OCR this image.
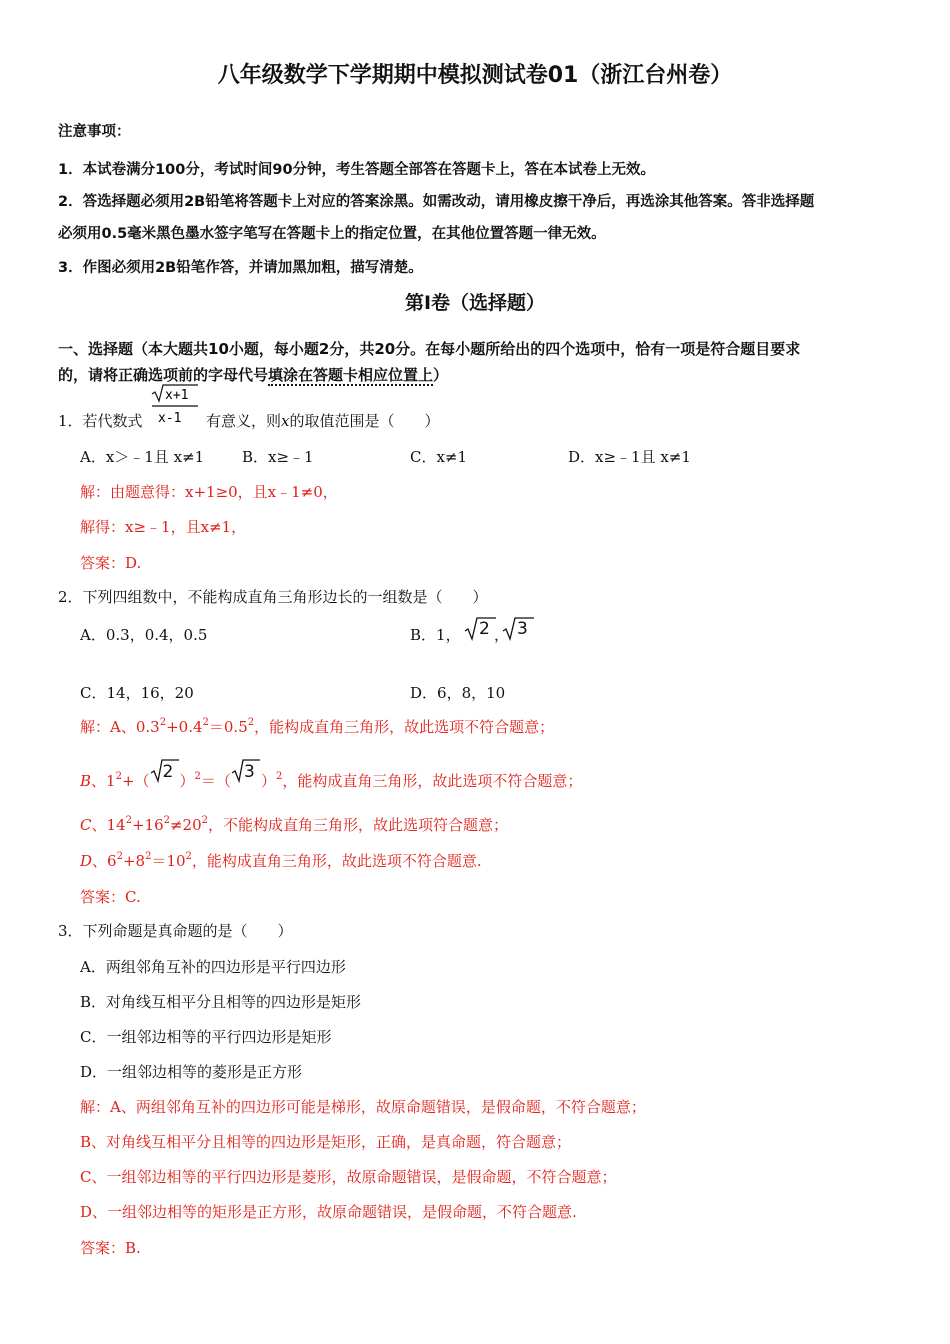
八年级数学下学期期中模拟测试卷01（浙江台州卷）
注意事项：
1．本试卷满分100分，考试时间90分钟，考生答题全部答在答题卡上，答在本试卷上无效。
2．答选择题必须用2B铅笔将答题卡上对应的答案涂黑。如需改动，请用橡皮擦干净后，再选涂其他答案。答非选择题
必须用0.5毫米黑色墨水签字笔写在答题卡上的指定位置，在其他位置答题一律无效。
3．作图必须用2B铅笔作答，并请加黑加粗，描写清楚。
第Ⅰ卷（选择题）
一、选择题（本大题共10小题，每小题2分，共20分。在每小题所给出的四个选项中，恰有一项是符合题目要求
的，请将正确选项前的字母代号填涂在答题卡相应位置上）
1．若代数式
x+1
x-1 有意义，则x的取值范围是（　　）
A．x＞﹣1且 x≠1	B．x≥﹣1	C．x≠1	D．x≥﹣1且 x≠1
解：由题意得：x+1≥0，且x﹣1≠0，
解得：x≥﹣1，且x≠1，
答案：D.
2．下列四组数中，不能构成直角三角形边长的一组数是（　　）
A．0.3，0.4，0.5	B．1， 2 ， 3
C．14，16，20	D．6，8，10
解：A、$0.3^2+0.4^2=0.5^2$，能构成直角三角形，故此选项不符合题意；
B、$1^2+$（ 2 ）$^2$＝（ 3 ）$^2$，能构成直角三角形，故此选项不符合题意；
C、$14^2+16^2\ne 20^2$，不能构成直角三角形，故此选项符合题意；
D、$6^2+8^2=10^2$，能构成直角三角形，故此选项不符合题意.
答案：C.
3．下列命题是真命题的是（　　）
A．两组邻角互补的四边形是平行四边形
B．对角线互相平分且相等的四边形是矩形
C．一组邻边相等的平行四边形是矩形
D．一组邻边相等的菱形是正方形
解：A、两组邻角互补的四边形可能是梯形，故原命题错误，是假命题，不符合题意；
B、对角线互相平分且相等的四边形是矩形，正确，是真命题，符合题意；
C、一组邻边相等的平行四边形是菱形，故原命题错误，是假命题，不符合题意；
D、一组邻边相等的矩形是正方形，故原命题错误，是假命题，不符合题意.
答案：B.
